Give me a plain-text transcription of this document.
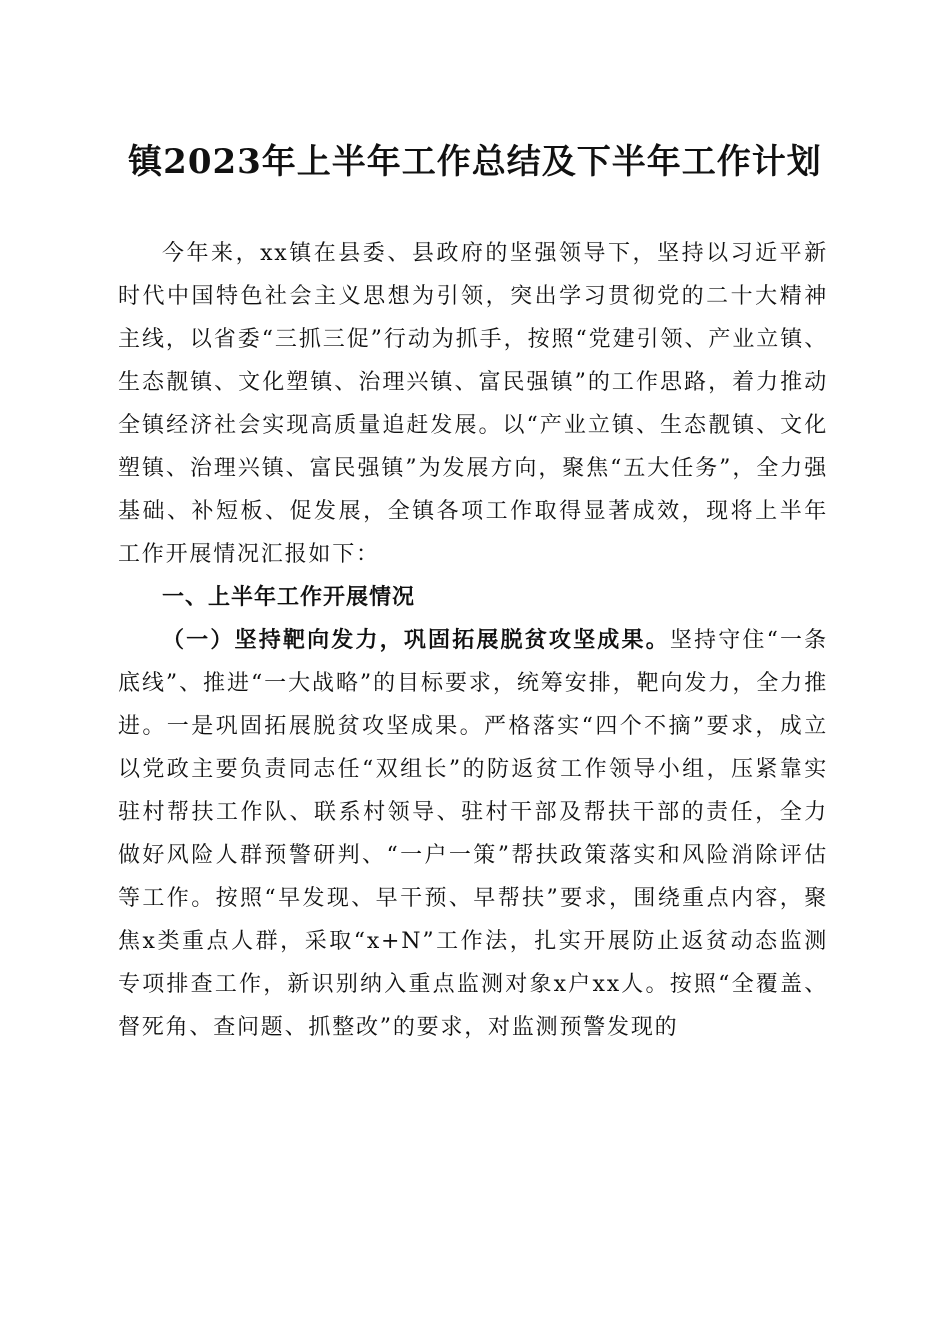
镇2023年上半年工作总结及下半年工作计划

今年来，xx镇在县委、县政府的坚强领导下，坚持以习近平新时代中国特色社会主义思想为引领，突出学习贯彻党的二十大精神主线，以省委“三抓三促”行动为抓手，按照“党建引领、产业立镇、生态靓镇、文化塑镇、治理兴镇、富民强镇”的工作思路，着力推动全镇经济社会实现高质量追赶发展。以“产业立镇、生态靓镇、文化塑镇、治理兴镇、富民强镇”为发展方向，聚焦“五大任务”，全力强基础、补短板、促发展，全镇各项工作取得显著成效，现将上半年工作开展情况汇报如下：

一、上半年工作开展情况

（一）坚持靶向发力，巩固拓展脱贫攻坚成果。坚持守住“一条底线”、推进“一大战略”的目标要求，统筹安排，靶向发力，全力推进。一是巩固拓展脱贫攻坚成果。严格落实“四个不摘”要求，成立以党政主要负责同志任“双组长”的防返贫工作领导小组，压紧靠实驻村帮扶工作队、联系村领导、驻村干部及帮扶干部的责任，全力做好风险人群预警研判、“一户一策”帮扶政策落实和风险消除评估等工作。按照“早发现、早干预、早帮扶”要求，围绕重点内容，聚焦x类重点人群，采取“x+N”工作法，扎实开展防止返贫动态监测专项排查工作，新识别纳入重点监测对象x户xx人。按照“全覆盖、督死角、查问题、抓整改”的要求，对监测预警发现的
